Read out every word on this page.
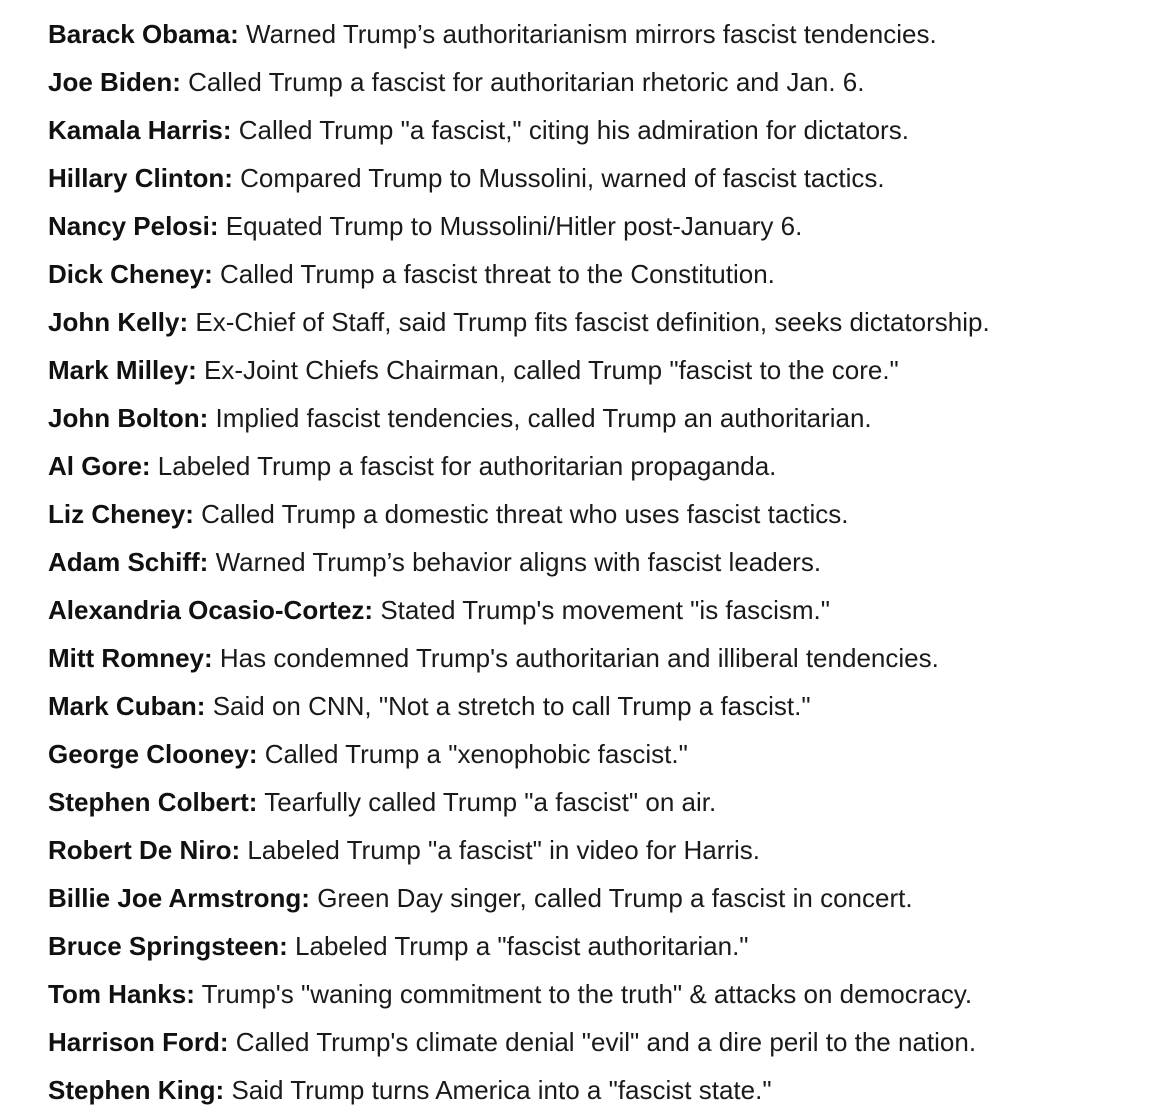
Barack Obama: Warned Trump’s authoritarianism mirrors fascist tendencies.
Joe Biden: Called Trump a fascist for authoritarian rhetoric and Jan. 6.
Kamala Harris: Called Trump "a fascist," citing his admiration for dictators.
Hillary Clinton: Compared Trump to Mussolini, warned of fascist tactics.
Nancy Pelosi: Equated Trump to Mussolini/Hitler post-January 6.
Dick Cheney: Called Trump a fascist threat to the Constitution.
John Kelly: Ex-Chief of Staff, said Trump fits fascist definition, seeks dictatorship.
Mark Milley: Ex-Joint Chiefs Chairman, called Trump "fascist to the core."
John Bolton: Implied fascist tendencies, called Trump an authoritarian.
Al Gore: Labeled Trump a fascist for authoritarian propaganda.
Liz Cheney: Called Trump a domestic threat who uses fascist tactics.
Adam Schiff: Warned Trump’s behavior aligns with fascist leaders.
Alexandria Ocasio-Cortez: Stated Trump's movement "is fascism."
Mitt Romney: Has condemned Trump's authoritarian and illiberal tendencies.
Mark Cuban: Said on CNN, "Not a stretch to call Trump a fascist."
George Clooney: Called Trump a "xenophobic fascist."
Stephen Colbert: Tearfully called Trump "a fascist" on air.
Robert De Niro: Labeled Trump "a fascist" in video for Harris.
Billie Joe Armstrong: Green Day singer, called Trump a fascist in concert.
Bruce Springsteen: Labeled Trump a "fascist authoritarian."
Tom Hanks: Trump's "waning commitment to the truth" & attacks on democracy.
Harrison Ford: Called Trump's climate denial "evil" and a dire peril to the nation.
Stephen King: Said Trump turns America into a "fascist state."
